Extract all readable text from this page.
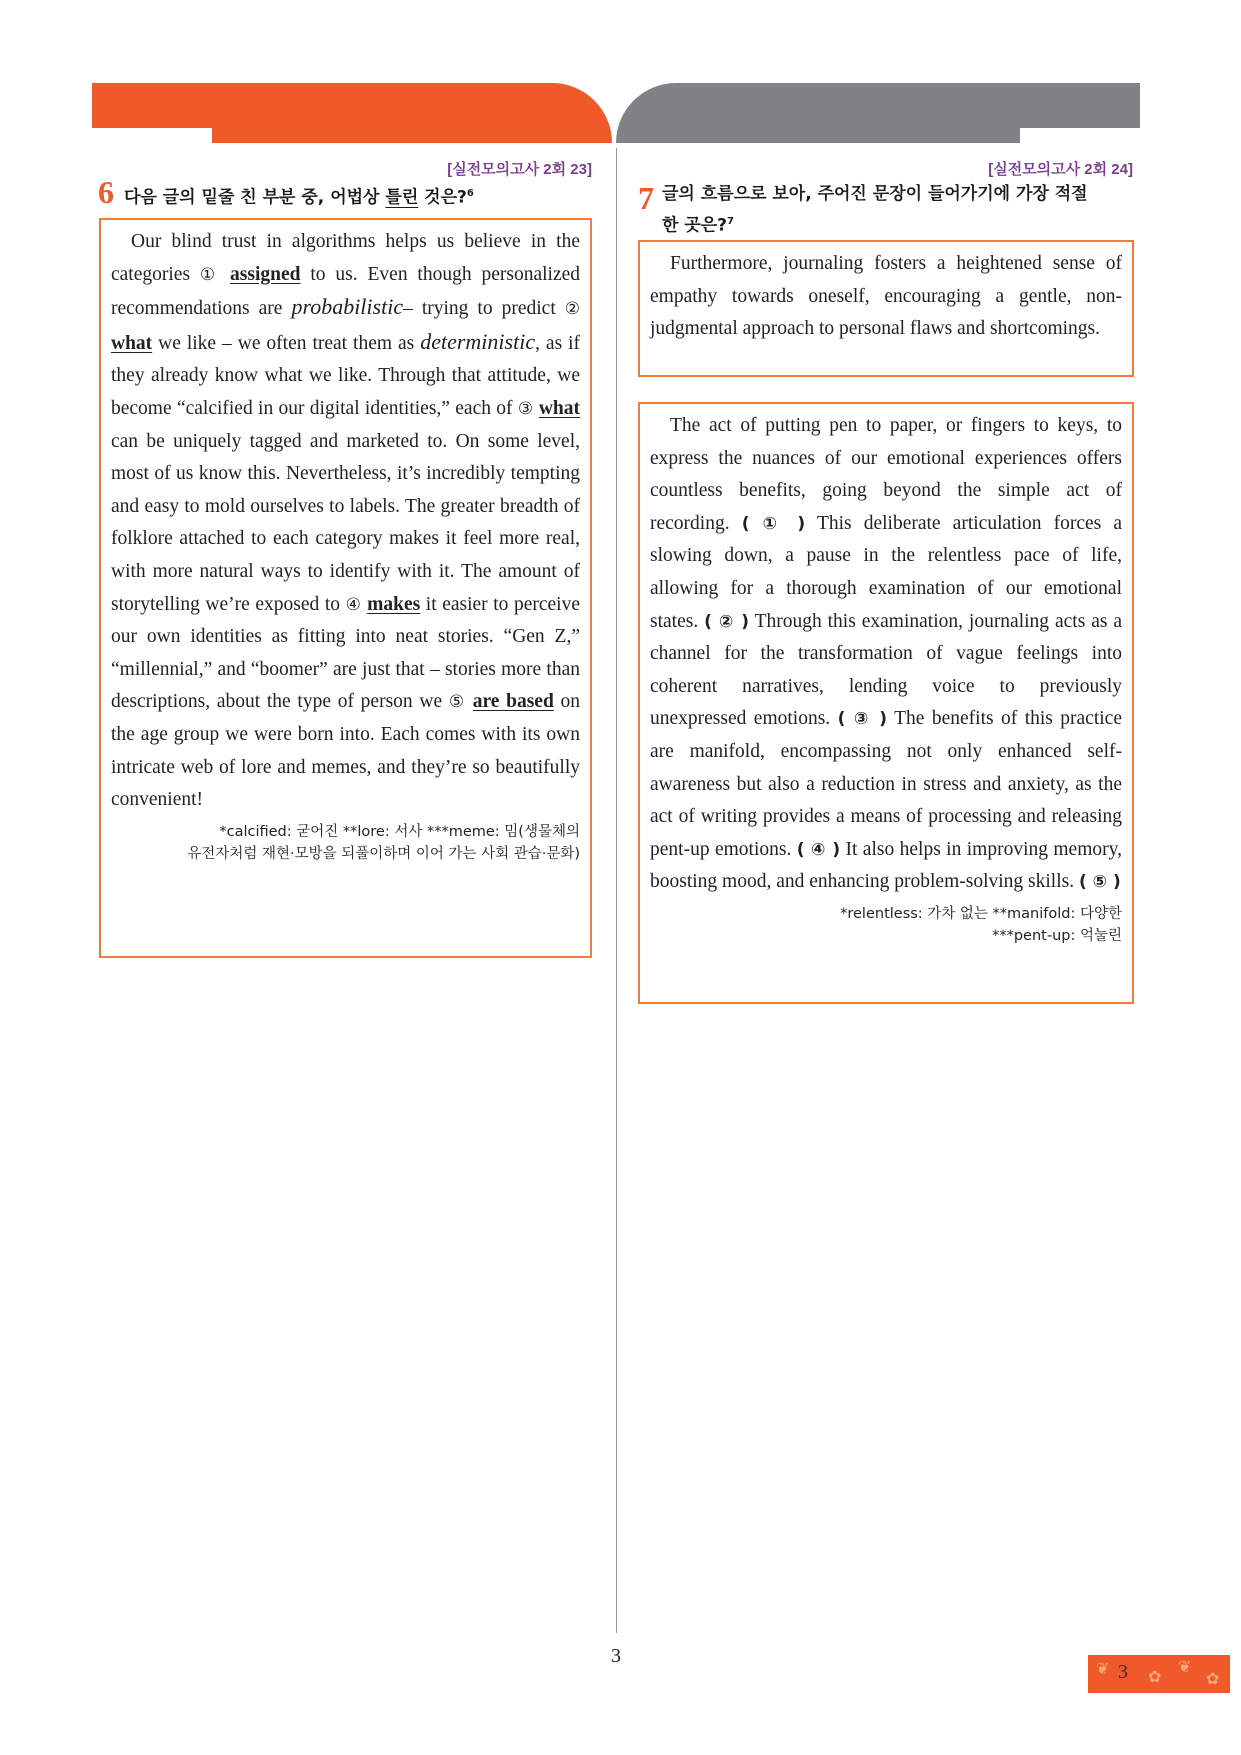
[실전모의고사 2회 23]
6 다음 글의 밑줄 친 부분 중, 어법상 틀린 것은?$^6$

Our blind trust in algorithms helps us believe in the categories ① assigned to us. Even though personalized recommendations are probabilistic– trying to predict ② what we like – we often treat them as deterministic, as if they already know what we like. Through that attitude, we become “calcified in our digital identities,” each of ③ what can be uniquely tagged and marketed to. On some level, most of us know this. Nevertheless, it’s incredibly tempting and easy to mold ourselves to labels. The greater breadth of folklore attached to each category makes it feel more real, with more natural ways to identify with it. The amount of storytelling we’re exposed to ④ makes it easier to perceive our own identities as fitting into neat stories. “Gen Z,” “millennial,” and “boomer” are just that – stories more than descriptions, about the type of person we ⑤ are based on the age group we were born into. Each comes with its own intricate web of lore and memes, and they’re so beautifully convenient!

*calcified: 굳어진 **lore: 서사 ***meme: 밈(생물체의
유전자처럼 재현·모방을 되풀이하며 이어 가는 사회 관습·문화)

[실전모의고사 2회 24]
7 글의 흐름으로 보아, 주어진 문장이 들어가기에 가장 적절
한 곳은?$^7$

Furthermore, journaling fosters a heightened sense of empathy towards oneself, encouraging a gentle, non-judgmental approach to personal flaws and shortcomings.

The act of putting pen to paper, or fingers to keys, to express the nuances of our emotional experiences offers countless benefits, going beyond the simple act of recording. ( ① ) This deliberate articulation forces a slowing down, a pause in the relentless pace of life, allowing for a thorough examination of our emotional states. ( ② ) Through this examination, journaling acts as a channel for the transformation of vague feelings into coherent narratives, lending voice to previously unexpressed emotions. ( ③ ) The benefits of this practice are manifold, encompassing not only enhanced self-awareness but also a reduction in stress and anxiety, as the act of writing provides a means of processing and releasing pent-up emotions. ( ④ ) It also helps in improving memory, boosting mood, and enhancing problem-solving skills. ( ⑤ )

*relentless: 가차 없는 **manifold: 다양한
***pent-up: 억눌린

3
❦ ✿
❦
✿
3
